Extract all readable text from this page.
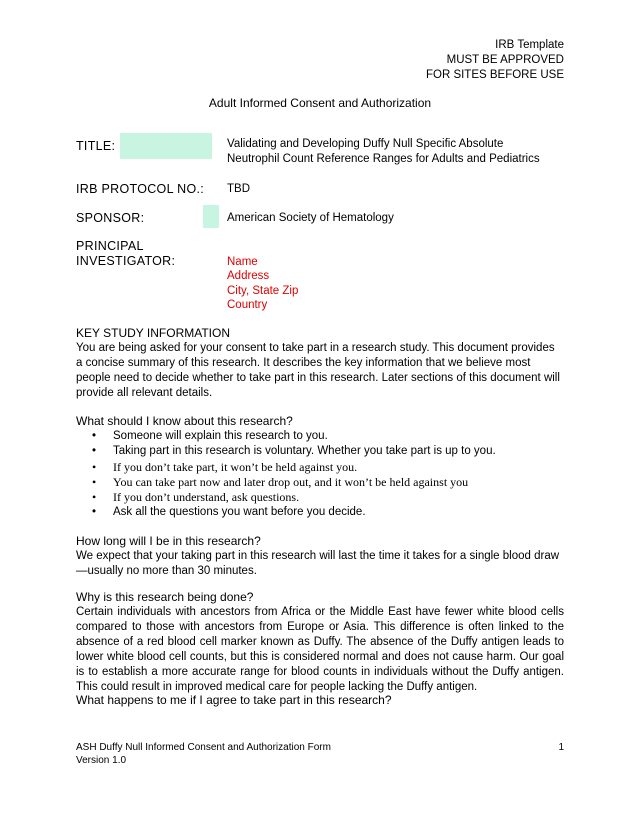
IRB Template
MUST BE APPROVED
FOR SITES BEFORE USE
Adult Informed Consent and Authorization
TITLE:	Validating and Developing Duffy Null Specific Absolute
Neutrophil Count Reference Ranges for Adults and Pediatrics
IRB PROTOCOL NO.: TBD
SPONSOR:	American Society of Hematology
PRINCIPAL
INVESTIGATOR:	Name
Address
City, State Zip
Country
KEY STUDY INFORMATION
You are being asked for your consent to take part in a research study. This document provides a concise summary of this research. It describes the key information that we believe most people need to decide whether to take part in this research. Later sections of this document will provide all relevant details.
What should I know about this research?
• Someone will explain this research to you.
• Taking part in this research is voluntary. Whether you take part is up to you.
• If you don’t take part, it won’t be held against you.
• You can take part now and later drop out, and it won’t be held against you
• If you don’t understand, ask questions.
• Ask all the questions you want before you decide.
How long will I be in this research?
We expect that your taking part in this research will last the time it takes for a single blood draw—usually no more than 30 minutes.
Why is this research being done?
Certain individuals with ancestors from Africa or the Middle East have fewer white blood cells compared to those with ancestors from Europe or Asia. This difference is often linked to the absence of a red blood cell marker known as Duffy. The absence of the Duffy antigen leads to lower white blood cell counts, but this is considered normal and does not cause harm. Our goal is to establish a more accurate range for blood counts in individuals without the Duffy antigen. This could result in improved medical care for people lacking the Duffy antigen.
What happens to me if I agree to take part in this research?
ASH Duffy Null Informed Consent and Authorization Form
Version 1.0
1
